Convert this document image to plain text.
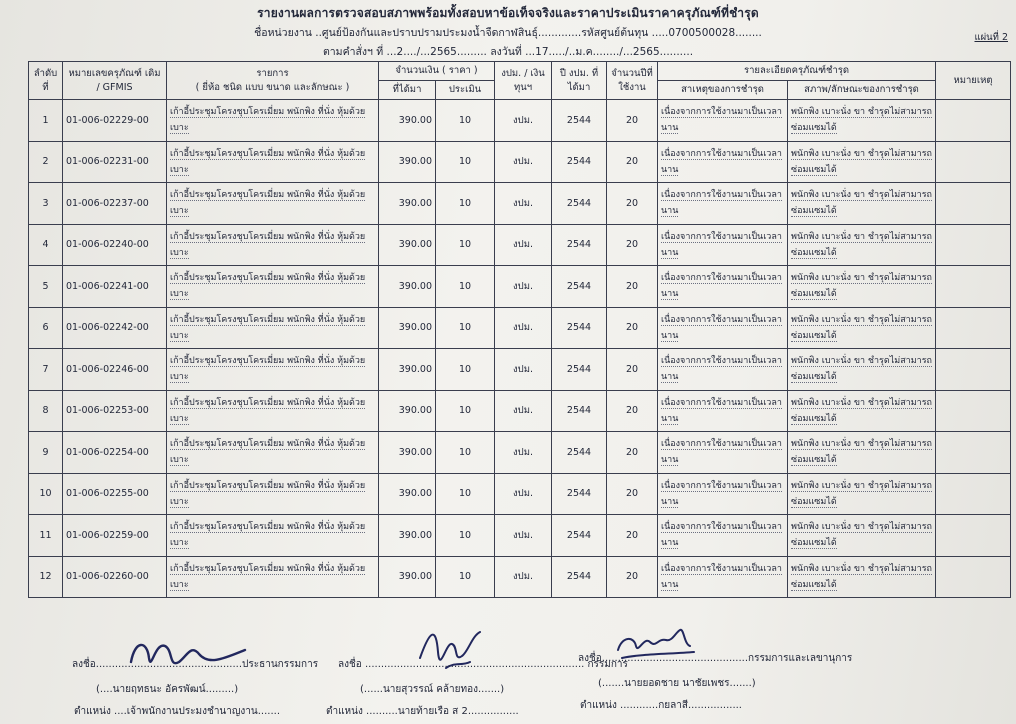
รายงานผลการตรวจสอบสภาพพร้อมทั้งสอบหาข้อเท็จจริงและราคาประเมินราคาครุภัณฑ์ที่ชำรุด
ชื่อหน่วยงาน ..ศูนย์ป้องกันและปราบปรามประมงน้ำจืดกาฬสินธุ์.............รหัสศูนย์ต้นทุน .....0700500028........
ตามคำสั่งฯ ที่ ...2..../...2565......... ลงวันที่ ...17...../..ม.ค......../...2565..........
แผ่นที่ 2
ลำดับที่	หมายเลขครุภัณฑ์ เดิม / GFMIS	รายการ
( ยี่ห้อ ชนิด แบบ ขนาด และลักษณะ )	จำนวนเงิน ( ราคา )		งปม. / เงินทุนฯ	ปี งปม. ที่ได้มา	จำนวนปีที่ใช้งาน	รายละเอียดครุภัณฑ์ชำรุด		หมายเหตุ
			ที่ได้มา	ประเมิน				สาเหตุของการชำรุด	สภาพ/ลักษณะของการชำรุด	
1	01-006-02229-00	เก้าอี้ประชุมโครงชุบโครเมี่ยม พนักพิง ที่นั่ง หุ้มด้วยเบาะ	390.00	10	งปม.	2544	20	เนื่องจากการใช้งานมาเป็นเวลานาน	พนักพิง เบาะนั่ง ขา ชำรุดไม่สามารถซ่อมแซมได้	
2	01-006-02231-00	เก้าอี้ประชุมโครงชุบโครเมี่ยม พนักพิง ที่นั่ง หุ้มด้วยเบาะ	390.00	10	งปม.	2544	20	เนื่องจากการใช้งานมาเป็นเวลานาน	พนักพิง เบาะนั่ง ขา ชำรุดไม่สามารถซ่อมแซมได้	
3	01-006-02237-00	เก้าอี้ประชุมโครงชุบโครเมี่ยม พนักพิง ที่นั่ง หุ้มด้วยเบาะ	390.00	10	งปม.	2544	20	เนื่องจากการใช้งานมาเป็นเวลานาน	พนักพิง เบาะนั่ง ขา ชำรุดไม่สามารถซ่อมแซมได้	
4	01-006-02240-00	เก้าอี้ประชุมโครงชุบโครเมี่ยม พนักพิง ที่นั่ง หุ้มด้วยเบาะ	390.00	10	งปม.	2544	20	เนื่องจากการใช้งานมาเป็นเวลานาน	พนักพิง เบาะนั่ง ขา ชำรุดไม่สามารถซ่อมแซมได้	
5	01-006-02241-00	เก้าอี้ประชุมโครงชุบโครเมี่ยม พนักพิง ที่นั่ง หุ้มด้วยเบาะ	390.00	10	งปม.	2544	20	เนื่องจากการใช้งานมาเป็นเวลานาน	พนักพิง เบาะนั่ง ขา ชำรุดไม่สามารถซ่อมแซมได้	
6	01-006-02242-00	เก้าอี้ประชุมโครงชุบโครเมี่ยม พนักพิง ที่นั่ง หุ้มด้วยเบาะ	390.00	10	งปม.	2544	20	เนื่องจากการใช้งานมาเป็นเวลานาน	พนักพิง เบาะนั่ง ขา ชำรุดไม่สามารถซ่อมแซมได้	
7	01-006-02246-00	เก้าอี้ประชุมโครงชุบโครเมี่ยม พนักพิง ที่นั่ง หุ้มด้วยเบาะ	390.00	10	งปม.	2544	20	เนื่องจากการใช้งานมาเป็นเวลานาน	พนักพิง เบาะนั่ง ขา ชำรุดไม่สามารถซ่อมแซมได้	
8	01-006-02253-00	เก้าอี้ประชุมโครงชุบโครเมี่ยม พนักพิง ที่นั่ง หุ้มด้วยเบาะ	390.00	10	งปม.	2544	20	เนื่องจากการใช้งานมาเป็นเวลานาน	พนักพิง เบาะนั่ง ขา ชำรุดไม่สามารถซ่อมแซมได้	
9	01-006-02254-00	เก้าอี้ประชุมโครงชุบโครเมี่ยม พนักพิง ที่นั่ง หุ้มด้วยเบาะ	390.00	10	งปม.	2544	20	เนื่องจากการใช้งานมาเป็นเวลานาน	พนักพิง เบาะนั่ง ขา ชำรุดไม่สามารถซ่อมแซมได้	
10	01-006-02255-00	เก้าอี้ประชุมโครงชุบโครเมี่ยม พนักพิง ที่นั่ง หุ้มด้วยเบาะ	390.00	10	งปม.	2544	20	เนื่องจากการใช้งานมาเป็นเวลานาน	พนักพิง เบาะนั่ง ขา ชำรุดไม่สามารถซ่อมแซมได้	
11	01-006-02259-00	เก้าอี้ประชุมโครงชุบโครเมี่ยม พนักพิง ที่นั่ง หุ้มด้วยเบาะ	390.00	10	งปม.	2544	20	เนื่องจากการใช้งานมาเป็นเวลานาน	พนักพิง เบาะนั่ง ขา ชำรุดไม่สามารถซ่อมแซมได้	
12	01-006-02260-00	เก้าอี้ประชุมโครงชุบโครเมี่ยม พนักพิง ที่นั่ง หุ้มด้วยเบาะ	390.00	10	งปม.	2544	20	เนื่องจากการใช้งานมาเป็นเวลานาน	พนักพิง เบาะนั่ง ขา ชำรุดไม่สามารถซ่อมแซมได้	
ลงชื่อ..............................................ประธานกรรมการ
(....นายฤทธนะ อัครพัฒน์.........)
ตำแหน่ง ....เจ้าพนักงานประมงชำนาญงาน.......
ลงชื่อ ..................................................................... กรรมการ
(......นายสุวรรณ์ คล้ายทอง.......)
ตำแหน่ง ..........นายท้ายเรือ ส 2................
ลงชื่อ..............................................กรรมการและเลขานุการ
(.......นายยอดชาย นาชัยเพชร.......)
ตำแหน่ง ............กยลาสี.................
